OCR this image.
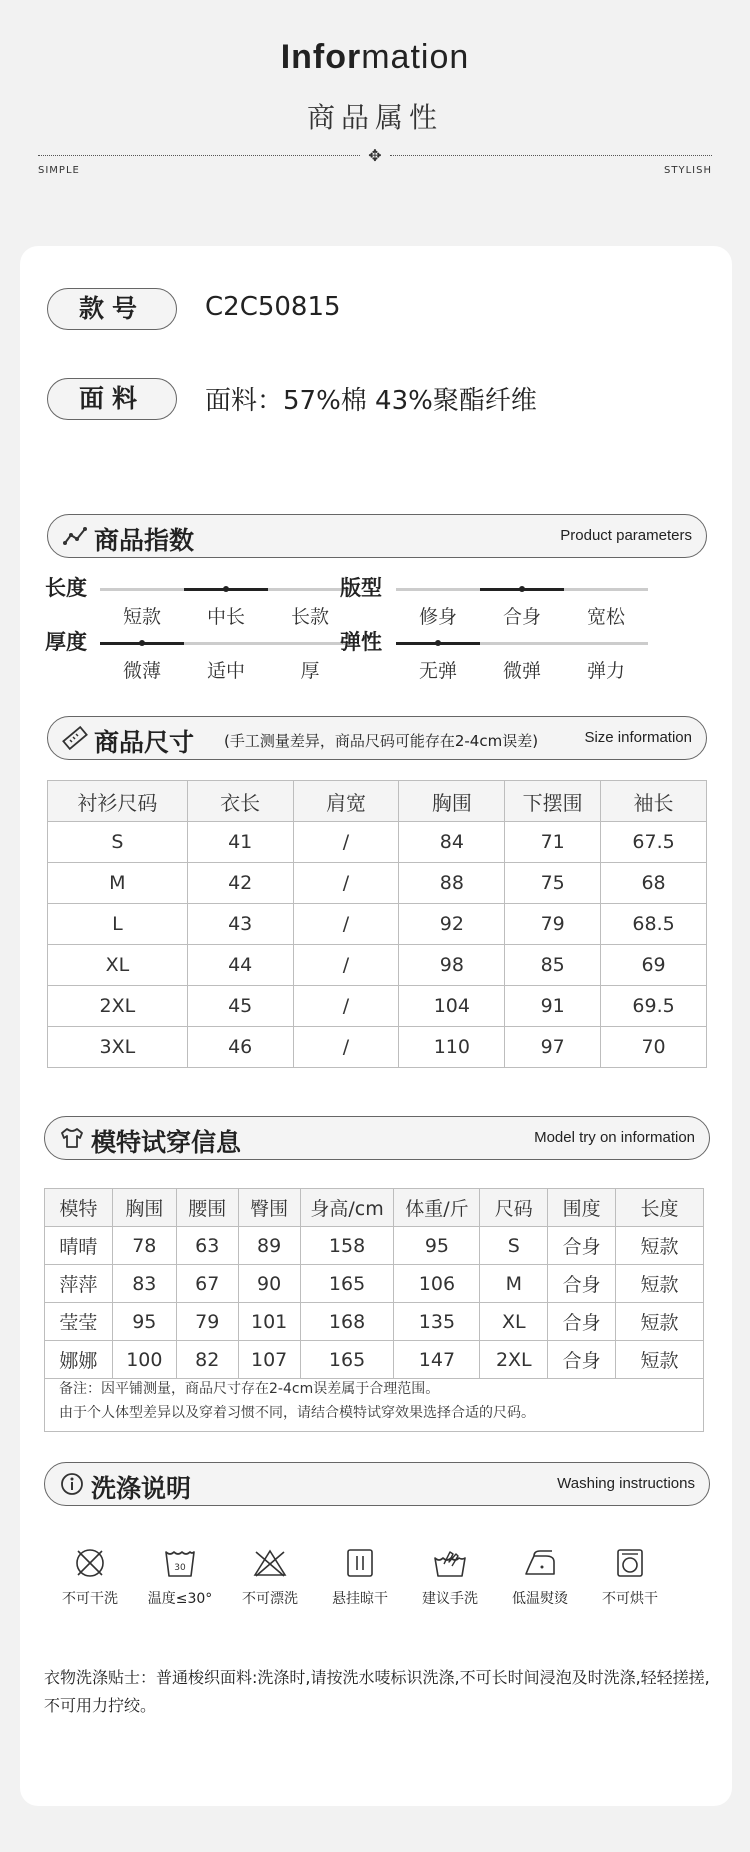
Information
商品属性
✥
SIMPLE	STYLISH
款号	C2C50815
面料	面料：57%棉 43%聚酯纤维
商品指数	Product parameters
长度
短款	中长	长款
版型
修身	合身	宽松
厚度
微薄	适中	厚
弹性
无弹	微弹	弹力
商品尺寸 (手工测量差异，商品尺码可能存在2-4cm误差)	Size information
衬衫尺码	衣长	肩宽	胸围	下摆围	袖长
S	41	/	84	71	67.5
M	42	/	88	75	68
L	43	/	92	79	68.5
XL	44	/	98	85	69
2XL	45	/	104	91	69.5
3XL	46	/	110	97	70
模特试穿信息	Model try on information
模特	胸围	腰围	臀围	身高/cm	体重/斤	尺码	围度	长度
晴晴	78	63	89	158	95	S	合身	短款
萍萍	83	67	90	165	106	M	合身	短款
莹莹	95	79	101	168	135	XL	合身	短款
娜娜	100	82	107	165	147	2XL	合身	短款
备注：因平铺测量，商品尺寸存在2-4cm误差属于合理范围。
由于个人体型差异以及穿着习惯不同，请结合模特试穿效果选择合适的尺码。
洗涤说明	Washing instructions
不可干洗
30
温度≤30°	不可漂洗	悬挂晾干	建议手洗	低温熨烫	不可烘干
衣物洗涤贴士：普通梭织面料:洗涤时,请按洗水唛标识洗涤,不可长时间浸泡及时洗涤,轻轻搓搓,不可用力拧绞。
